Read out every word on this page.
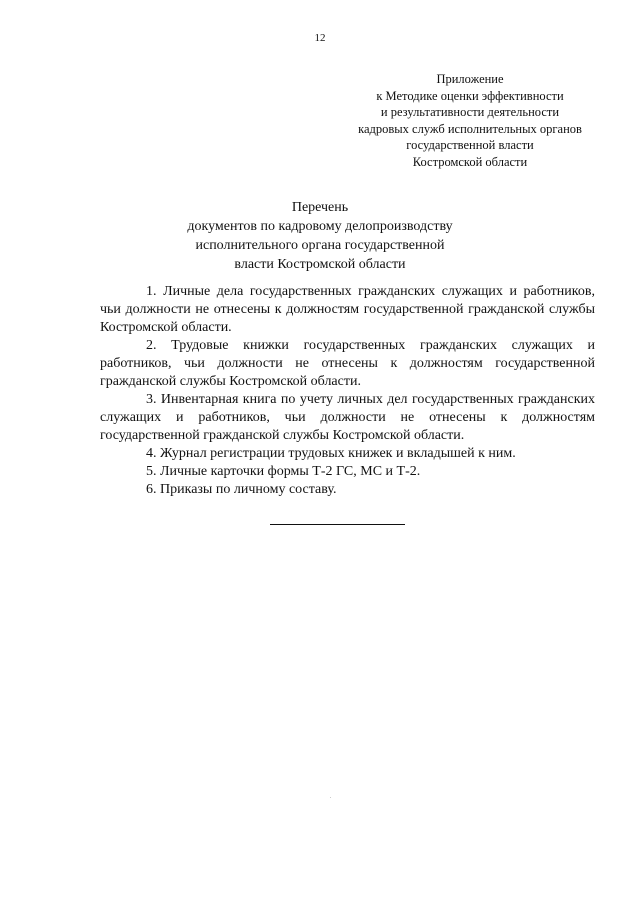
12
Приложение
к Методике оценки эффективности
и результативности деятельности
кадровых служб исполнительных органов
государственной власти
Костромской области
Перечень
документов по кадровому делопроизводству
исполнительного органа государственной
власти Костромской области

1. Личные дела государственных гражданских служащих и работников, чьи должности не отнесены к должностям государственной гражданской службы Костромской области.

2. Трудовые книжки государственных гражданских служащих и работников, чьи должности не отнесены к должностям государственной гражданской службы Костромской области.

3. Инвентарная книга по учету личных дел государственных гражданских служащих и работников, чьи должности не отнесены к должностям государственной гражданской службы Костромской области.

4. Журнал регистрации трудовых книжек и вкладышей к ним.

5. Личные карточки формы Т-2 ГС, МС и Т-2.

6. Приказы по личному составу.
